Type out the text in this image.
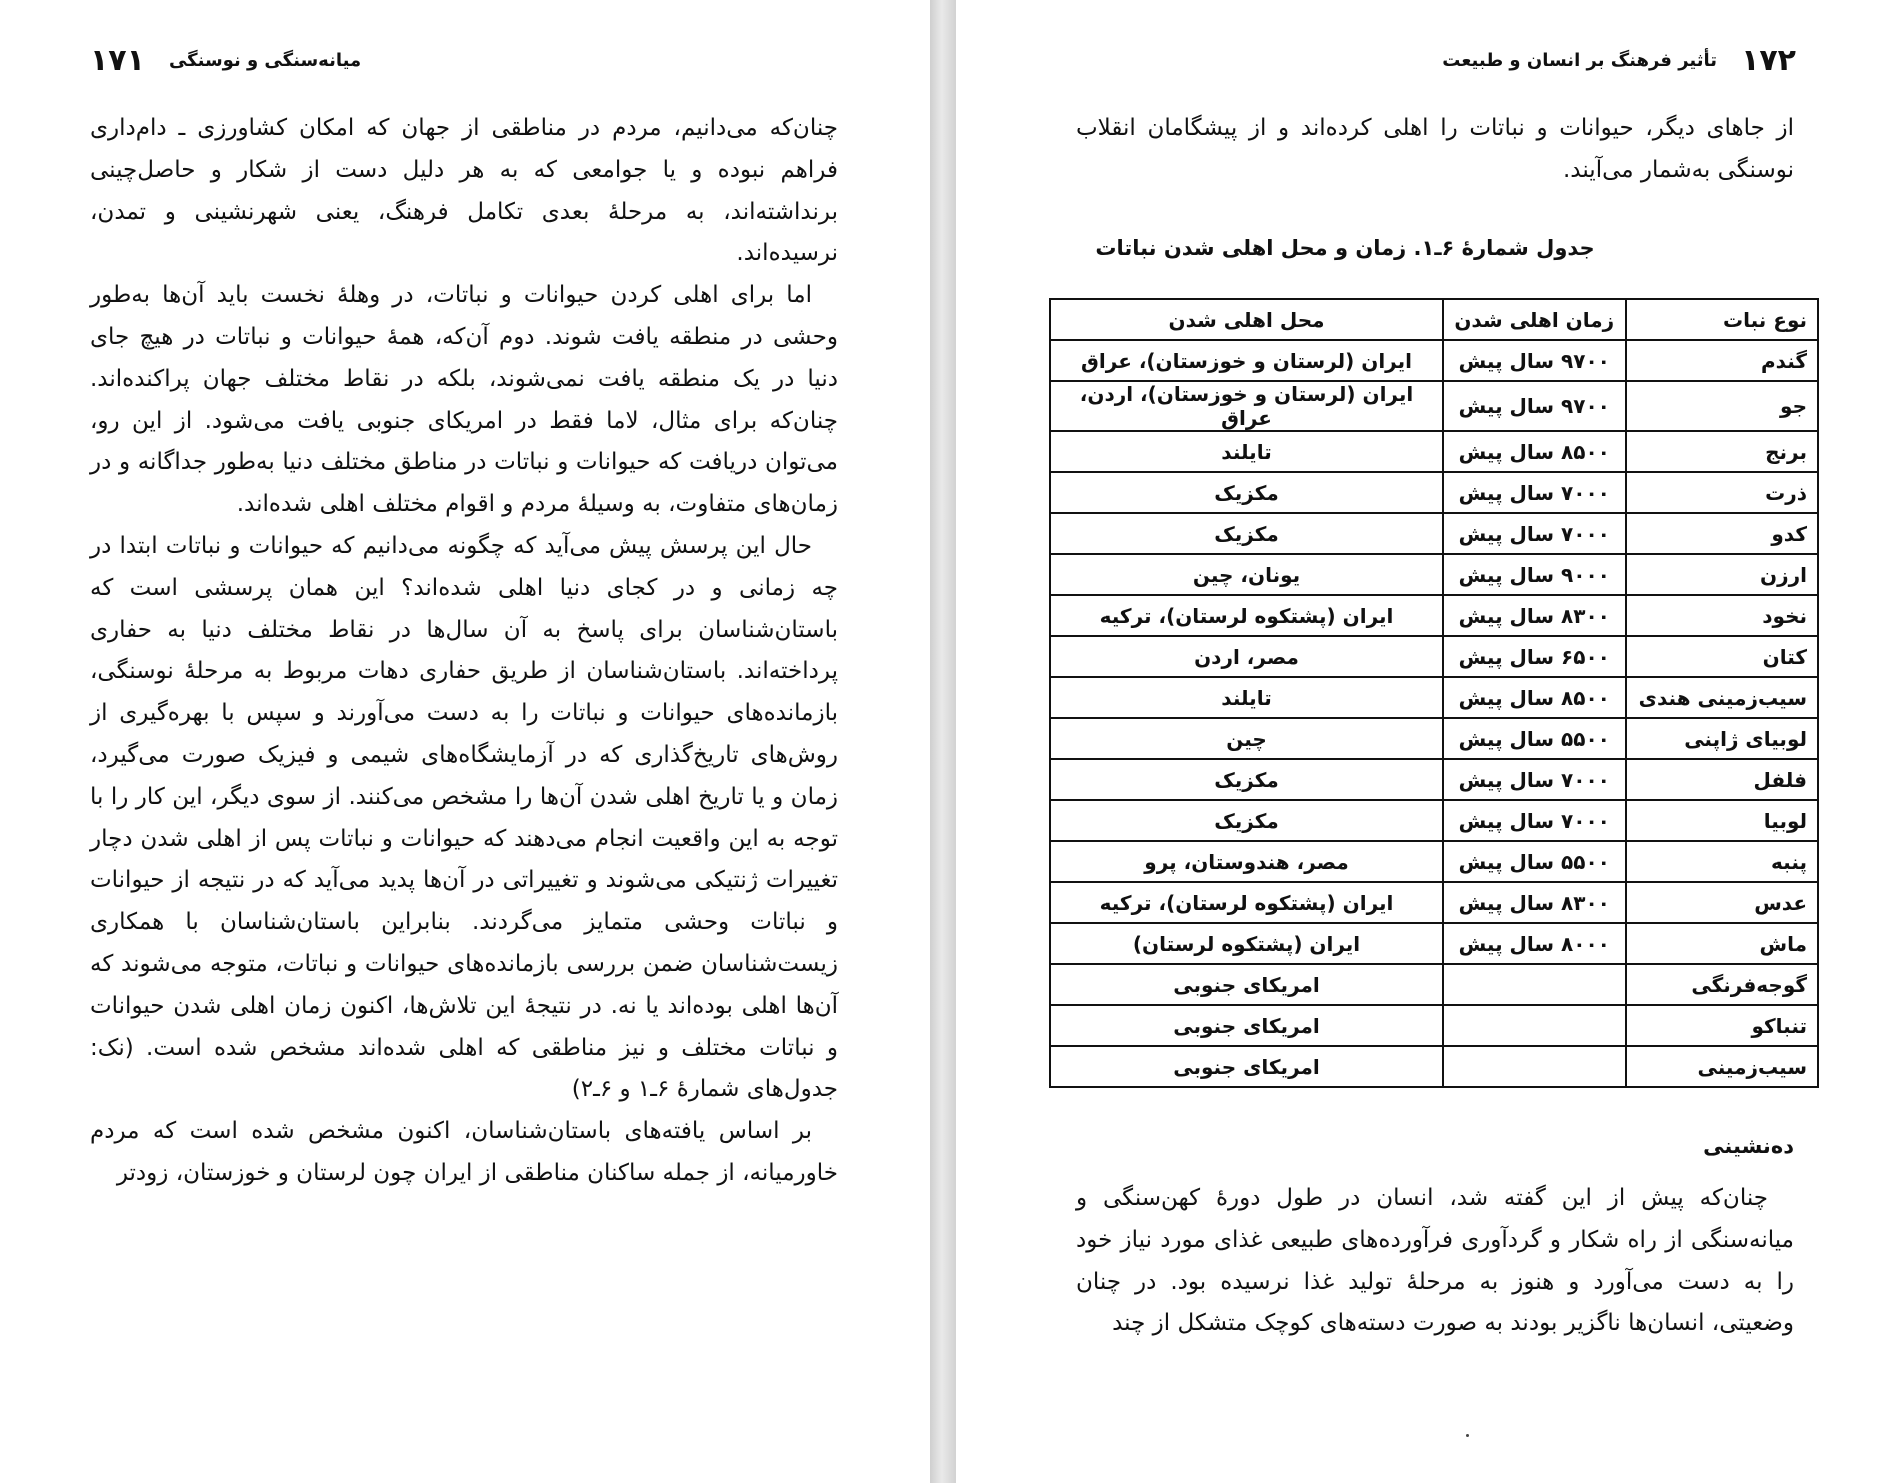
میانه‌سنگی و نوسنگی
۱۷۱

چنان‌که می‌دانیم، مردم در مناطقی از جهان که امکان کشاورزی ـ دام‌داری فراهم نبوده و یا جوامعی که به هر دلیل دست از شکار و حاصل‌چینی برنداشته‌اند، به مرحلهٔ بعدی تکامل فرهنگ، یعنی شهرنشینی و تمدن، نرسیده‌اند.

اما برای اهلی کردن حیوانات و نباتات، در وهلهٔ نخست باید آن‌ها به‌طور وحشی در منطقه یافت شوند. دوم آن‌که، همهٔ حیوانات و نباتات در هیچ جای دنیا در یک منطقه یافت نمی‌شوند، بلکه در نقاط مختلف جهان پراکنده‌اند. چنان‌که برای مثال، لاما فقط در امریکای جنوبی یافت می‌شود. از این رو، می‌توان دریافت که حیوانات و نباتات در مناطق مختلف دنیا به‌طور جداگانه و در زمان‌های متفاوت، به وسیلهٔ مردم و اقوام مختلف اهلی شده‌اند.

حال این پرسش پیش می‌آید که چگونه می‌دانیم که حیوانات و نباتات ابتدا در چه زمانی و در کجای دنیا اهلی شده‌اند؟ این همان پرسشی است که باستان‌شناسان برای پاسخ به آن سال‌ها در نقاط مختلف دنیا به حفاری پرداخته‌اند. باستان‌شناسان از طریق حفاری دهات مربوط به مرحلهٔ نوسنگی، بازمانده‌های حیوانات و نباتات را به دست می‌آورند و سپس با بهره‌گیری از روش‌های تاریخ‌گذاری که در آزمایشگاه‌های شیمی و فیزیک صورت می‌گیرد، زمان و یا تاریخ اهلی شدن آن‌ها را مشخص می‌کنند. از سوی دیگر، این کار را با توجه به این واقعیت انجام می‌دهند که حیوانات و نباتات پس از اهلی شدن دچار تغییرات ژنتیکی می‌شوند و تغییراتی در آن‌ها پدید می‌آید که در نتیجه از حیوانات و نباتات وحشی متمایز می‌گردند. بنابراین باستان‌شناسان با همکاری زیست‌شناسان ضمن بررسی بازمانده‌های حیوانات و نباتات، متوجه می‌شوند که آن‌ها اهلی بوده‌اند یا نه. در نتیجهٔ این تلاش‌ها، اکنون زمان اهلی شدن حیوانات و نباتات مختلف و نیز مناطقی که اهلی شده‌اند مشخص شده است. (نک: جدول‌های شمارهٔ ۶ـ۱ و ۶ـ۲)

بر اساس یافته‌های باستان‌شناسان، اکنون مشخص شده است که مردم خاورمیانه، از جمله ساکنان مناطقی از ایران چون لرستان و خوزستان، زودتر

۱۷۲
تأثیر فرهنگ بر انسان و طبیعت

از جاهای دیگر، حیوانات و نباتات را اهلی کرده‌اند و از پیشگامان انقلاب نوسنگی به‌شمار می‌آیند.

جدول شمارهٔ ۶ـ۱. زمان و محل اهلی شدن نباتات
نوع نبات	زمان اهلی شدن	محل اهلی شدن
گندم	۹۷۰۰ سال پیش	ایران (لرستان و خوزستان)، عراق
جو	۹۷۰۰ سال پیش	ایران (لرستان و خوزستان)، اردن، عراق
برنج	۸۵۰۰ سال پیش	تایلند
ذرت	۷۰۰۰ سال پیش	مکزیک
کدو	۷۰۰۰ سال پیش	مکزیک
ارزن	۹۰۰۰ سال پیش	یونان، چین
نخود	۸۳۰۰ سال پیش	ایران (پشتکوه لرستان)، ترکیه
کتان	۶۵۰۰ سال پیش	مصر، اردن
سیب‌زمینی هندی	۸۵۰۰ سال پیش	تایلند
لوبیای ژاپنی	۵۵۰۰ سال پیش	چین
فلفل	۷۰۰۰ سال پیش	مکزیک
لوبیا	۷۰۰۰ سال پیش	مکزیک
پنبه	۵۵۰۰ سال پیش	مصر، هندوستان، پرو
عدس	۸۳۰۰ سال پیش	ایران (پشتکوه لرستان)، ترکیه
ماش	۸۰۰۰ سال پیش	ایران (پشتکوه لرستان)
گوجه‌فرنگی		امریکای جنوبی
تنباکو		امریکای جنوبی
سیب‌زمینی		امریکای جنوبی
ده‌نشینی

چنان‌که پیش از این گفته شد، انسان در طول دورهٔ کهن‌سنگی و میانه‌سنگی از راه شکار و گردآوری فرآورده‌های طبیعی غذای مورد نیاز خود را به دست می‌آورد و هنوز به مرحلهٔ تولید غذا نرسیده بود. در چنان وضعیتی، انسان‌ها ناگزیر بودند به صورت دسته‌های کوچک متشکل از چند
